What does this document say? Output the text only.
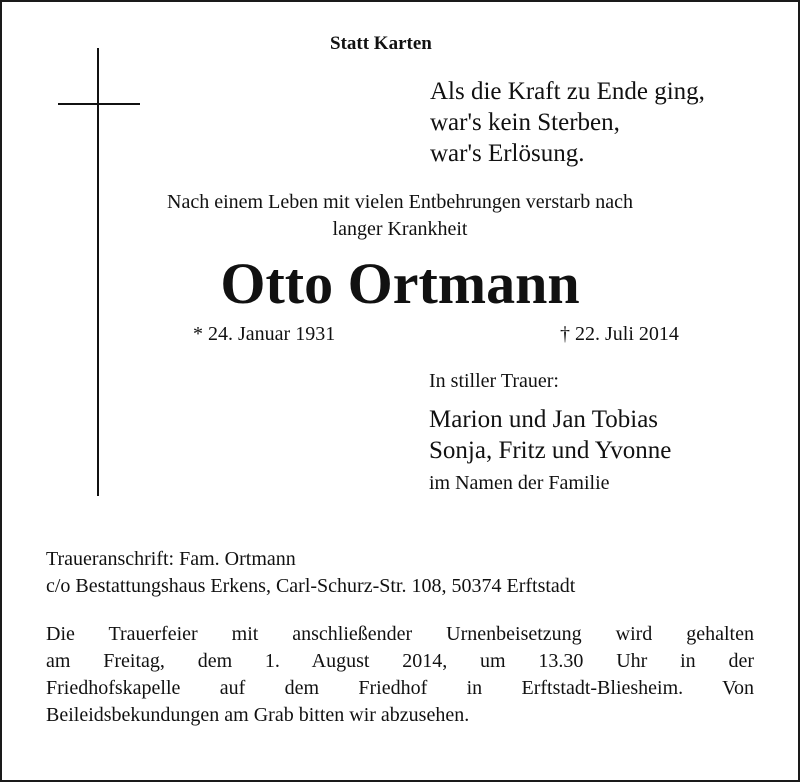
Statt Karten
Als die Kraft zu Ende ging,
war's kein Sterben,
war's Erlösung.
Nach einem Leben mit vielen Entbehrungen verstarb nach
langer Krankheit
Otto Ortmann
* 24. Januar 1931	† 22. Juli 2014
In stiller Trauer:
Marion und Jan Tobias
Sonja, Fritz und Yvonne
im Namen der Familie
Traueranschrift: Fam. Ortmann
c/o Bestattungshaus Erkens, Carl-Schurz-Str. 108, 50374 Erftstadt
Die Trauerfeier mit anschließender Urnenbeisetzung wird gehalten
am Freitag, dem 1. August 2014, um 13.30 Uhr in der
Friedhofskapelle auf dem Friedhof in Erftstadt-Bliesheim. Von
Beileidsbekundungen am Grab bitten wir abzusehen.
